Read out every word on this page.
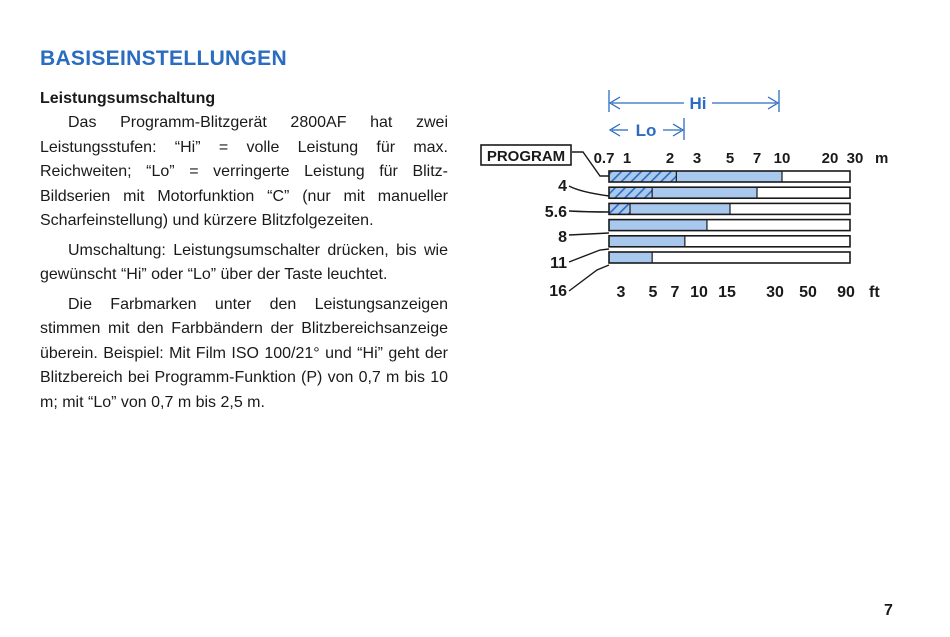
BASISEINSTELLUNGEN
Leistungsumschaltung

Das Programm-Blitzgerät 2800AF hat zwei Leistungsstufen: “Hi” = volle Leistung für max. Reichweiten; “Lo” = verringerte Leistung für Blitz-Bildserien mit Motorfunktion “C” (nur mit manueller Scharfeinstellung) und kürzere Blitzfolgezeiten.

Umschaltung: Leistungsumschalter drücken, bis wie gewünscht “Hi” oder “Lo” über der Taste leuchtet.

Die Farbmarken unter den Leistungsanzeigen stimmen mit den Farbbändern der Blitzbereichsanzeige überein. Beispiel: Mit Film ISO 100/21° und “Hi” geht der Blitzbereich bei Programm-Funktion (P) von 0,7 m bis 10 m; mit “Lo” von 0,7 m bis 2,5 m.

Hi
Lo
PROGRAM 0.7 1 2 3 5 7 10 20 30 m
4
5.6
8
11
16	3 5 7 10 15 30 50 90 ft
7
